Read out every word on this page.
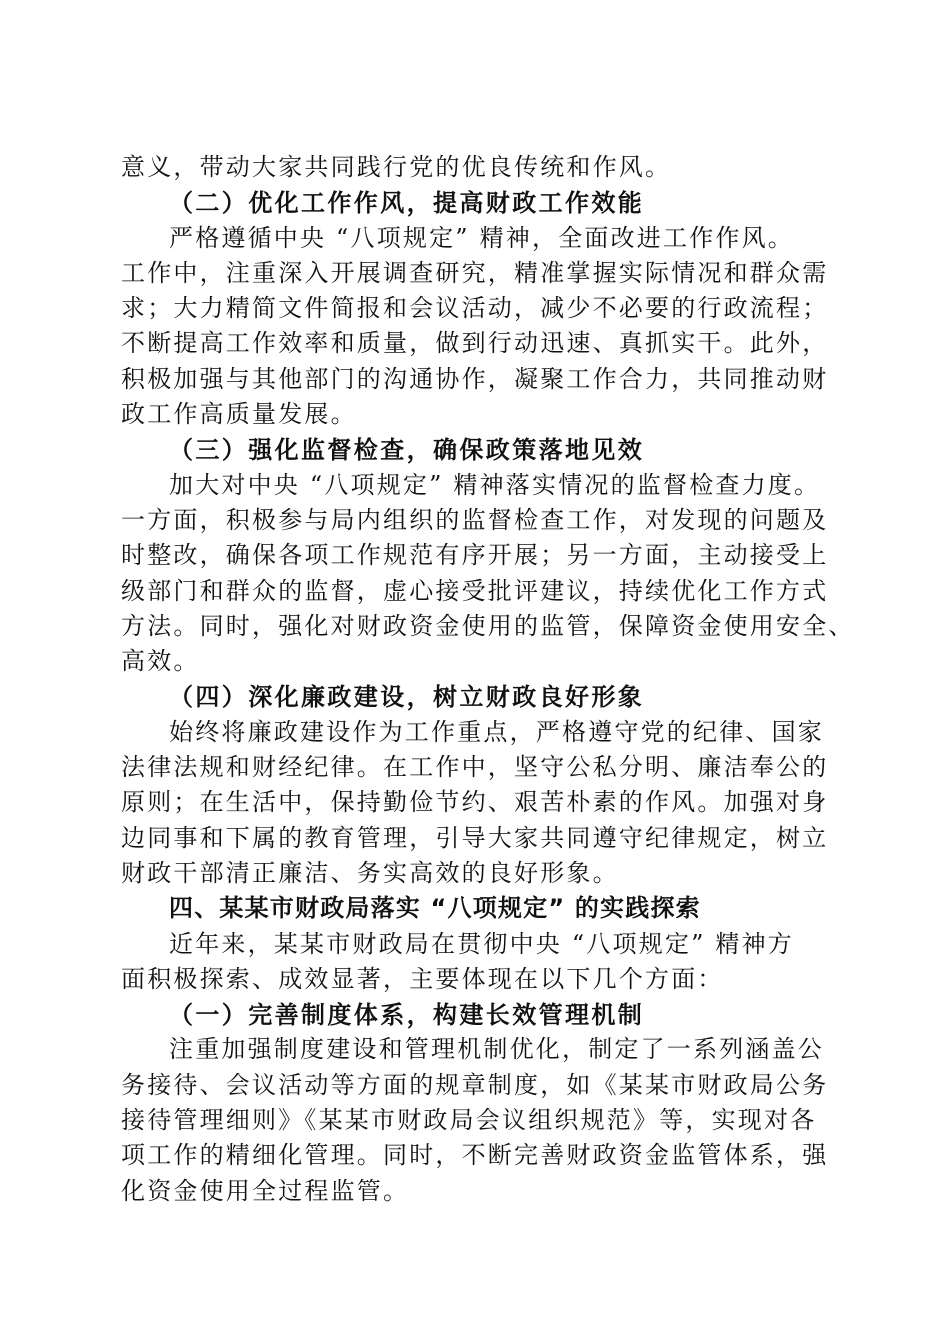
意义，带动大家共同践行党的优良传统和作风。
（二）优化工作作风，提高财政工作效能
严格遵循中央 “八项规定” 精神，全面改进工作作风。
工作中，注重深入开展调查研究，精准掌握实际情况和群众需
求；大力精简文件简报和会议活动，减少不必要的行政流程；
不断提高工作效率和质量，做到行动迅速、真抓实干。此外，
积极加强与其他部门的沟通协作，凝聚工作合力，共同推动财
政工作高质量发展。
（三）强化监督检查，确保政策落地见效
加大对中央 “八项规定” 精神落实情况的监督检查力度。
一方面，积极参与局内组织的监督检查工作，对发现的问题及
时整改，确保各项工作规范有序开展；另一方面，主动接受上
级部门和群众的监督，虚心接受批评建议，持续优化工作方式
方法。同时，强化对财政资金使用的监管，保障资金使用安全、
高效。
（四）深化廉政建设，树立财政良好形象
始终将廉政建设作为工作重点，严格遵守党的纪律、国家
法律法规和财经纪律。在工作中，坚守公私分明、廉洁奉公的
原则；在生活中，保持勤俭节约、艰苦朴素的作风。加强对身
边同事和下属的教育管理，引导大家共同遵守纪律规定，树立
财政干部清正廉洁、务实高效的良好形象。
四、某某市财政局落实 “八项规定” 的实践探索
近年来，某某市财政局在贯彻中央 “八项规定” 精神方
面积极探索、成效显著，主要体现在以下几个方面：
（一）完善制度体系，构建长效管理机制
注重加强制度建设和管理机制优化，制定了一系列涵盖公
务接待、会议活动等方面的规章制度，如《某某市财政局公务
接待管理细则》《某某市财政局会议组织规范》等，实现对各
项工作的精细化管理。同时，不断完善财政资金监管体系，强
化资金使用全过程监管。
